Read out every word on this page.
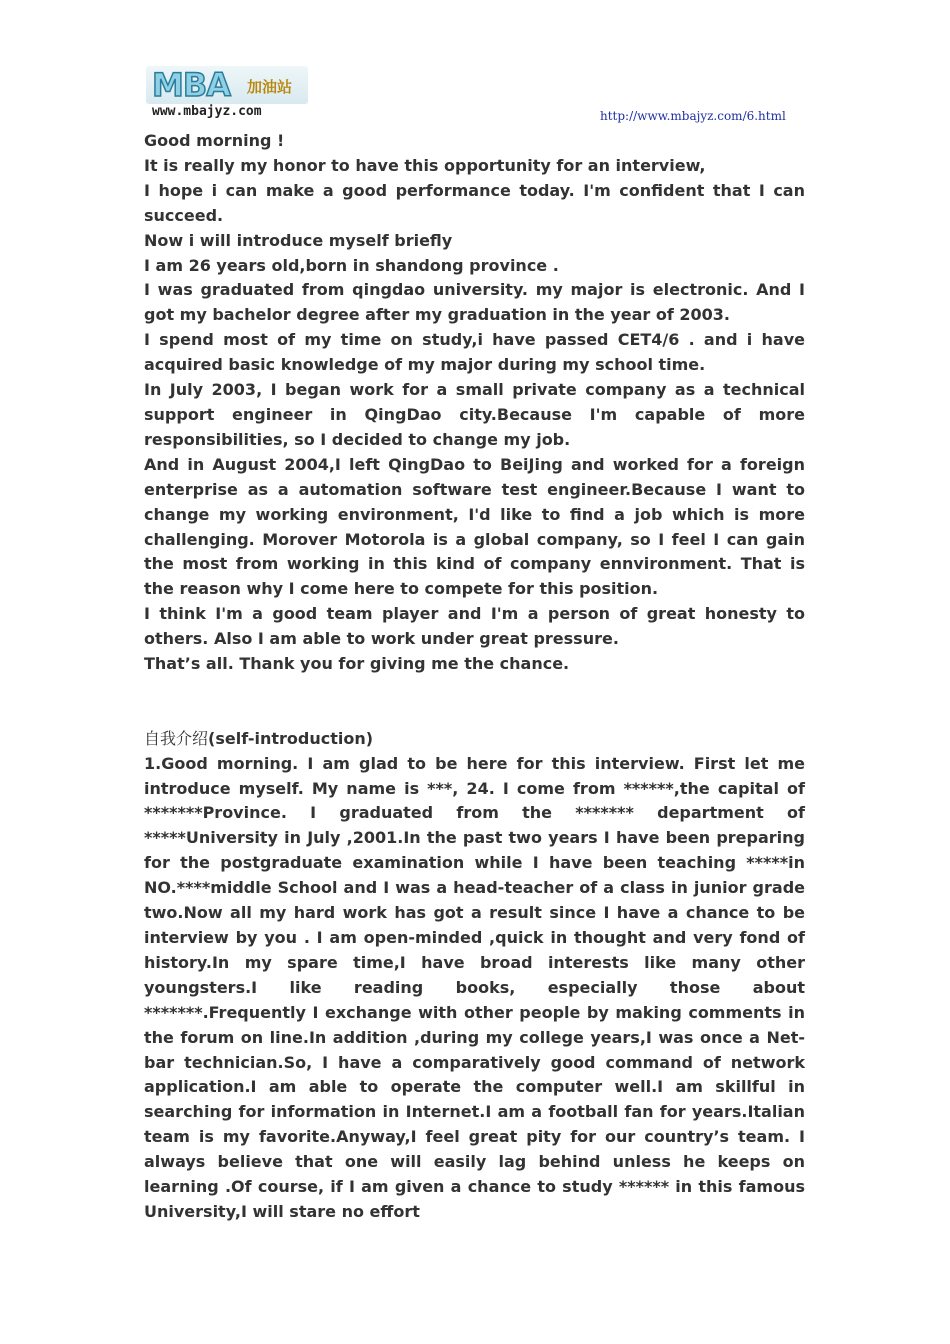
MBA 加油站
www.mbajyz.com	http://www.mbajyz.com/6.html

Good morning !

It is really my honor to have this opportunity for an interview,

I hope i can make a good performance today. I'm confident that I can succeed.

Now i will introduce myself briefly

I am 26 years old,born in shandong province .

I was graduated from qingdao university. my major is electronic. And I got my bachelor degree after my graduation in the year of 2003.

I spend most of my time on study,i have passed CET4/6 . and i have acquired basic knowledge of my major during my school time.

In July 2003, I began work for a small private company as a technical support engineer in QingDao city.Because I'm capable of more responsibilities, so I decided to change my job.

And in August 2004,I left QingDao to BeiJing and worked for a foreign enterprise as a automation software test engineer.Because I want to change my working environment, I'd like to find a job which is more challenging. Morover Motorola is a global company, so I feel I can gain the most from working in this kind of company ennvironment. That is the reason why I come here to compete for this position.

I think I'm a good team player and I'm a person of great honesty to others. Also I am able to work under great pressure.

That’s all. Thank you for giving me the chance.

自我介绍(self-introduction)

1.Good morning. I am glad to be here for this interview. First let me introduce myself. My name is ***, 24. I come from ******,the capital of *******Province. I graduated from the ******* department of *****University in July ,2001.In the past two years I have been preparing for the postgraduate examination while I have been teaching *****in NO.****middle School and I was a head-teacher of a class in junior grade two.Now all my hard work has got a result since I have a chance to be interview by you . I am open-minded ,quick in thought and very fond of history.In my spare time,I have broad interests like many other youngsters.I like reading books, especially those about *******.Frequently I exchange with other people by making comments in the forum on line.In addition ,during my college years,I was once a Net-bar technician.So, I have a comparatively good command of network application.I am able to operate the computer well.I am skillful in searching for information in Internet.I am a football fan for years.Italian team is my favorite.Anyway,I feel great pity for our country’s team. I always believe that one will easily lag behind unless he keeps on learning .Of course, if I am given a chance to study ****** in this famous University,I will stare no effort
